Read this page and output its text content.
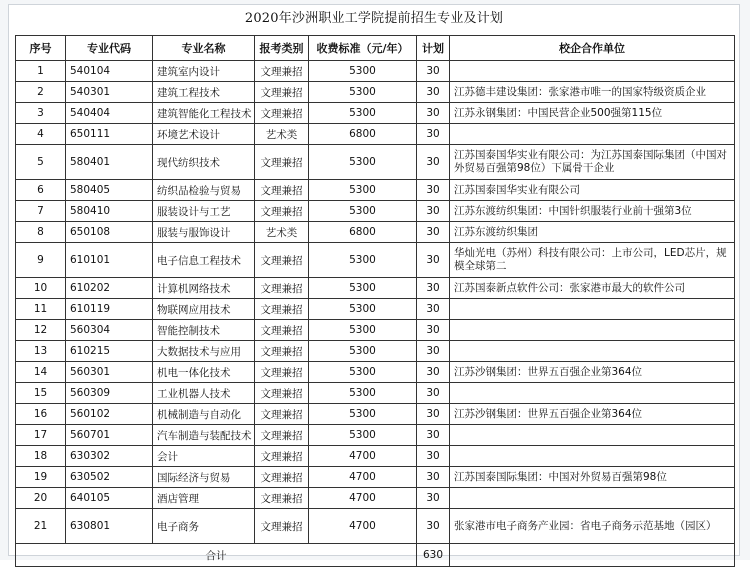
2020年沙洲职业工学院提前招生专业及计划
序号	专业代码	专业名称	报考类别	收费标准（元/年）	计划	校企合作单位
1	540104	建筑室内设计	文理兼招	5300	30	
2	540301	建筑工程技术	文理兼招	5300	30	江苏德丰建设集团：张家港市唯一的国家特级资质企业
3	540404	建筑智能化工程技术	文理兼招	5300	30	江苏永钢集团：中国民营企业500强第115位
4	650111	环境艺术设计	艺术类	6800	30	
5	580401	现代纺织技术	文理兼招	5300	30	江苏国泰国华实业有限公司：为江苏国泰国际集团（中国对外贸易百强第98位）下属骨干企业
6	580405	纺织品检验与贸易	文理兼招	5300	30	江苏国泰国华实业有限公司
7	580410	服装设计与工艺	文理兼招	5300	30	江苏东渡纺织集团：中国针织服装行业前十强第3位
8	650108	服装与服饰设计	艺术类	6800	30	江苏东渡纺织集团
9	610101	电子信息工程技术	文理兼招	5300	30	华灿光电（苏州）科技有限公司：上市公司，LED芯片，规模全球第二
10	610202	计算机网络技术	文理兼招	5300	30	江苏国泰新点软件公司：张家港市最大的软件公司
11	610119	物联网应用技术	文理兼招	5300	30	
12	560304	智能控制技术	文理兼招	5300	30	
13	610215	大数据技术与应用	文理兼招	5300	30	
14	560301	机电一体化技术	文理兼招	5300	30	江苏沙钢集团：世界五百强企业第364位
15	560309	工业机器人技术	文理兼招	5300	30	
16	560102	机械制造与自动化	文理兼招	5300	30	江苏沙钢集团：世界五百强企业第364位
17	560701	汽车制造与装配技术	文理兼招	5300	30	
18	630302	会计	文理兼招	4700	30	
19	630502	国际经济与贸易	文理兼招	4700	30	江苏国泰国际集团：中国对外贸易百强第98位
20	640105	酒店管理	文理兼招	4700	30	
21	630801	电子商务	文理兼招	4700	30	张家港市电子商务产业园：省电子商务示范基地（园区）
合计					630	
